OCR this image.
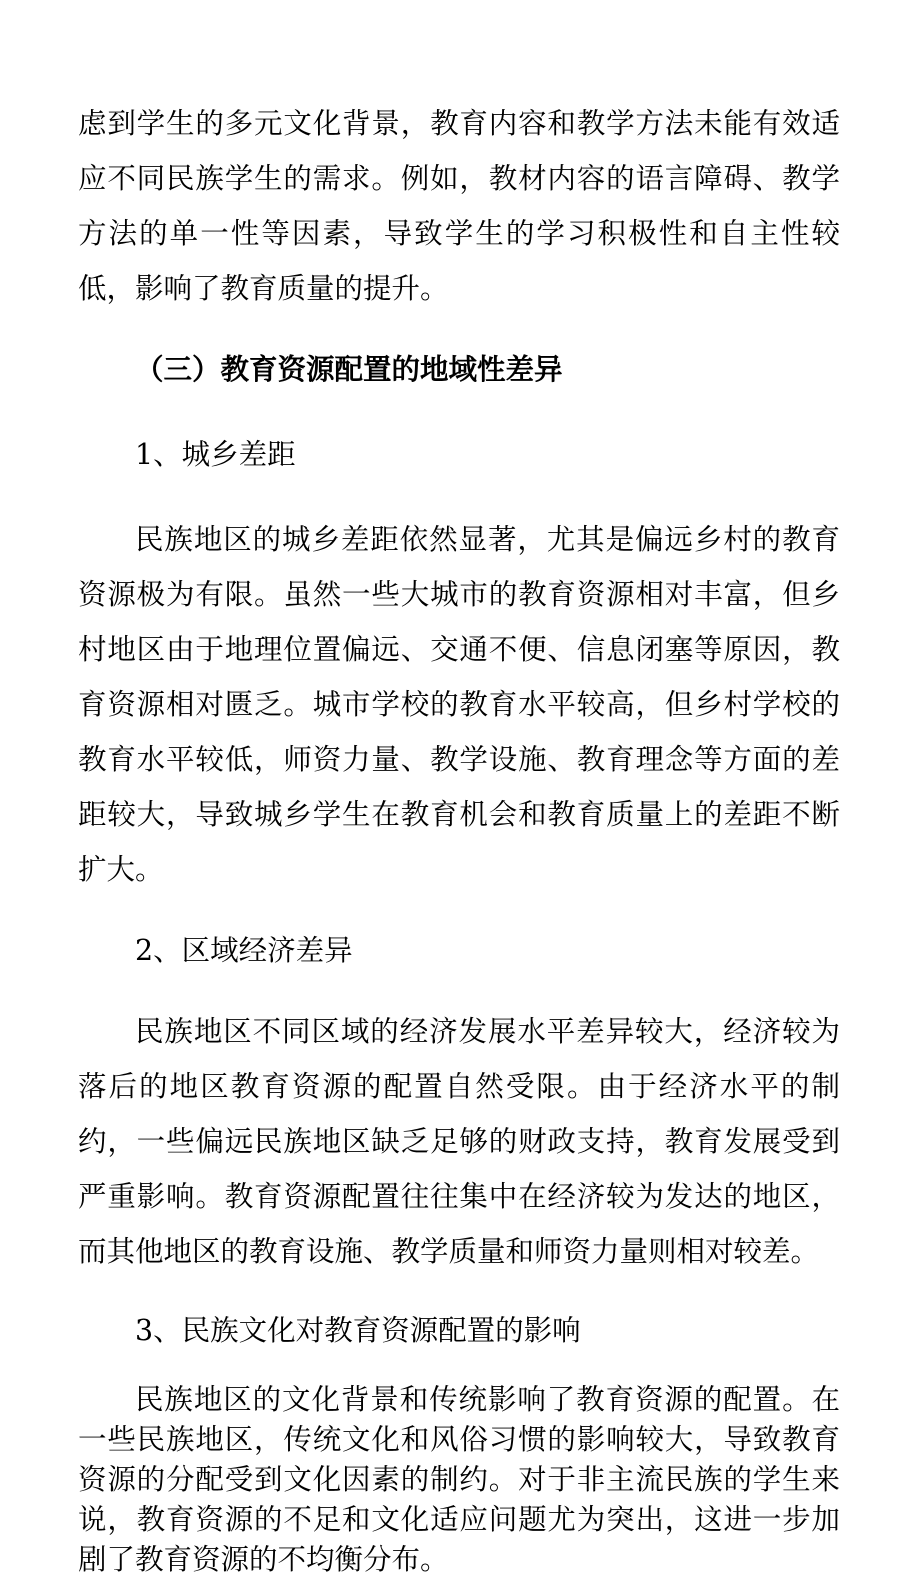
虑到学生的多元文化背景，教育内容和教学方法未能有效适应不同民族学生的需求。例如，教材内容的语言障碍、教学方法的单一性等因素，导致学生的学习积极性和自主性较低，影响了教育质量的提升。

（三）教育资源配置的地域性差异
1、城乡差距

民族地区的城乡差距依然显著，尤其是偏远乡村的教育资源极为有限。虽然一些大城市的教育资源相对丰富，但乡村地区由于地理位置偏远、交通不便、信息闭塞等原因，教育资源相对匮乏。城市学校的教育水平较高，但乡村学校的教育水平较低，师资力量、教学设施、教育理念等方面的差距较大，导致城乡学生在教育机会和教育质量上的差距不断扩大。

2、区域经济差异

民族地区不同区域的经济发展水平差异较大，经济较为落后的地区教育资源的配置自然受限。由于经济水平的制约，一些偏远民族地区缺乏足够的财政支持，教育发展受到严重影响。教育资源配置往往集中在经济较为发达的地区，而其他地区的教育设施、教学质量和师资力量则相对较差。

3、民族文化对教育资源配置的影响

民族地区的文化背景和传统影响了教育资源的配置。在一些民族地区，传统文化和风俗习惯的影响较大，导致教育资源的分配受到文化因素的制约。对于非主流民族的学生来说，教育资源的不足和文化适应问题尤为突出，这进一步加剧了教育资源的不均衡分布。
